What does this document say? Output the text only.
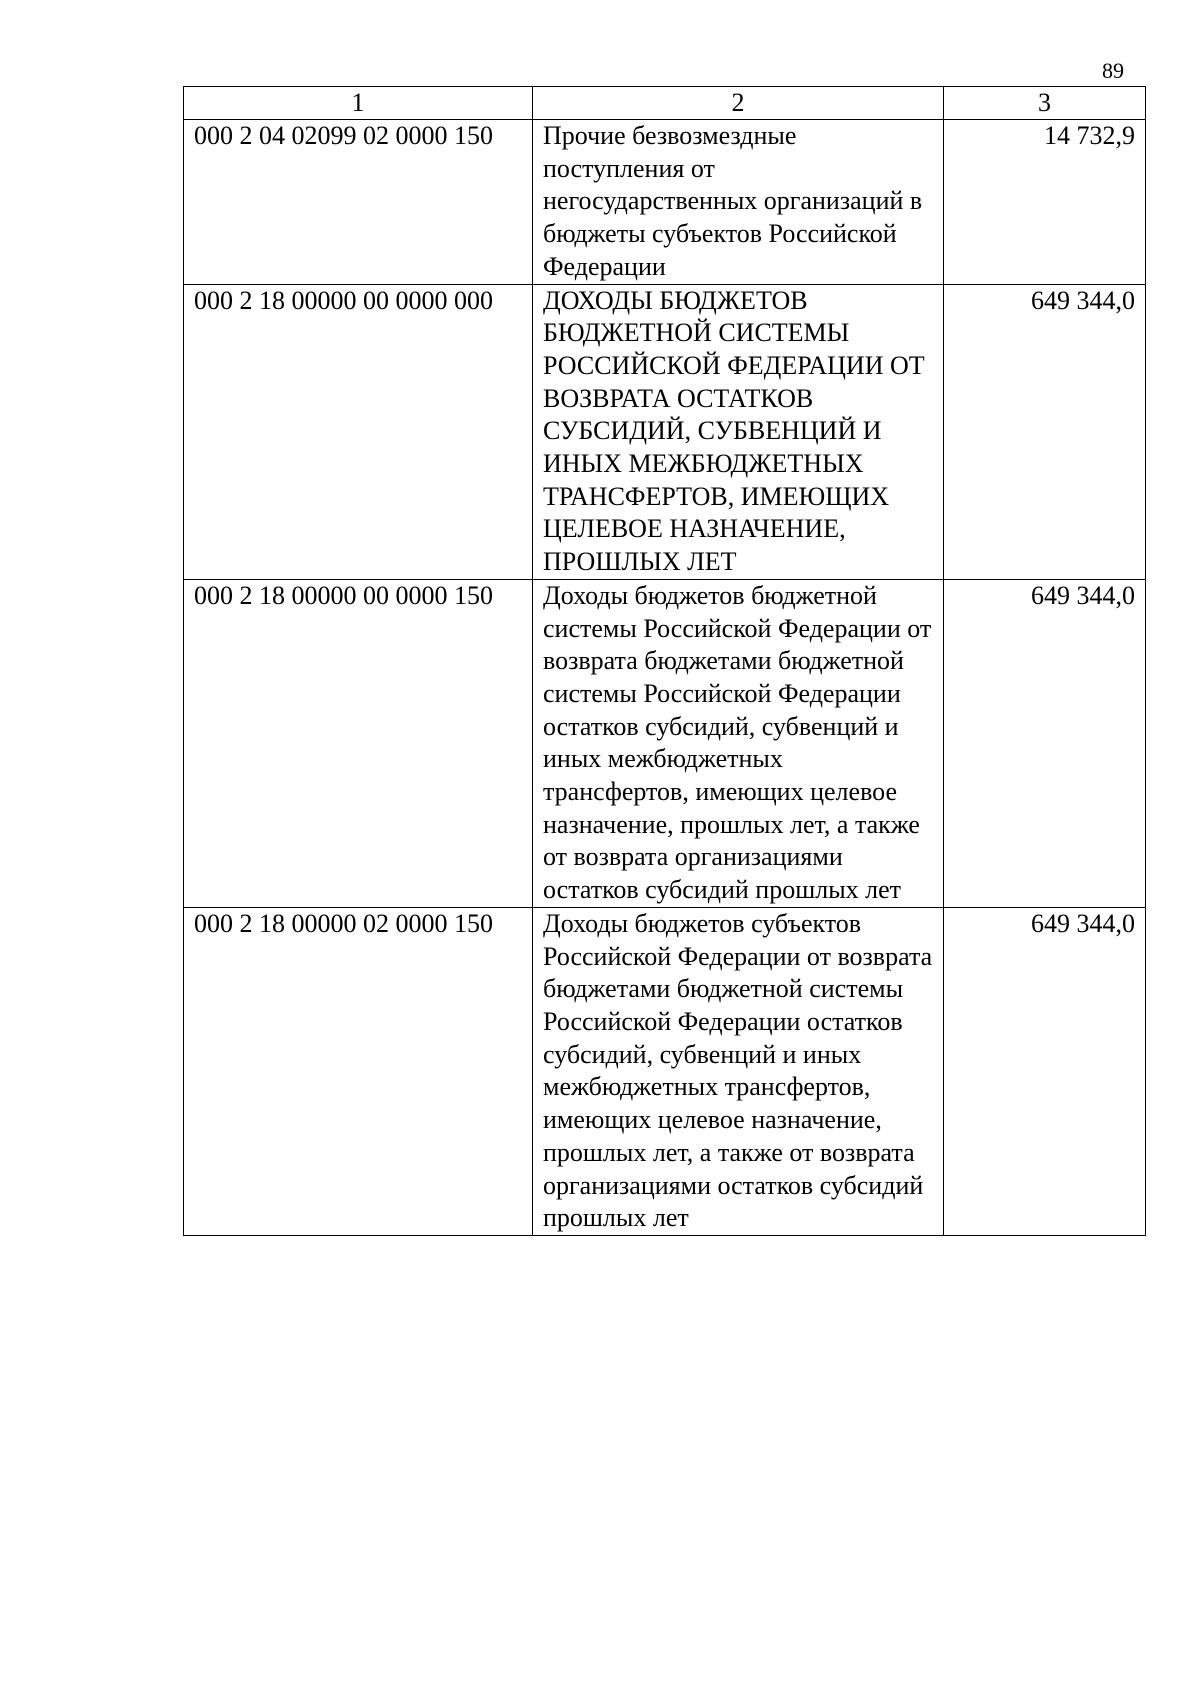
89
1	2	3
000 2 04 02099 02 0000 150	Прочие безвозмездные поступления от негосударственных организаций в бюджеты субъектов Российской Федерации	14 732,9
000 2 18 00000 00 0000 000	ДОХОДЫ БЮДЖЕТОВ БЮДЖЕТНОЙ СИСТЕМЫ РОССИЙСКОЙ ФЕДЕРАЦИИ ОТ ВОЗВРАТА ОСТАТКОВ СУБСИДИЙ, СУБВЕНЦИЙ И ИНЫХ МЕЖБЮДЖЕТНЫХ ТРАНСФЕРТОВ, ИМЕЮЩИХ ЦЕЛЕВОЕ НАЗНАЧЕНИЕ, ПРОШЛЫХ ЛЕТ	649 344,0
000 2 18 00000 00 0000 150	Доходы бюджетов бюджетной системы Российской Федерации от возврата бюджетами бюджетной системы Российской Федерации остатков субсидий, субвенций и иных межбюджетных трансфертов, имеющих целевое назначение, прошлых лет, а также от возврата организациями остатков субсидий прошлых лет	649 344,0
000 2 18 00000 02 0000 150	Доходы бюджетов субъектов Российской Федерации от возврата бюджетами бюджетной системы Российской Федерации остатков субсидий, субвенций и иных межбюджетных трансфертов, имеющих целевое назначение, прошлых лет, а также от возврата организациями остатков субсидий прошлых лет	649 344,0
